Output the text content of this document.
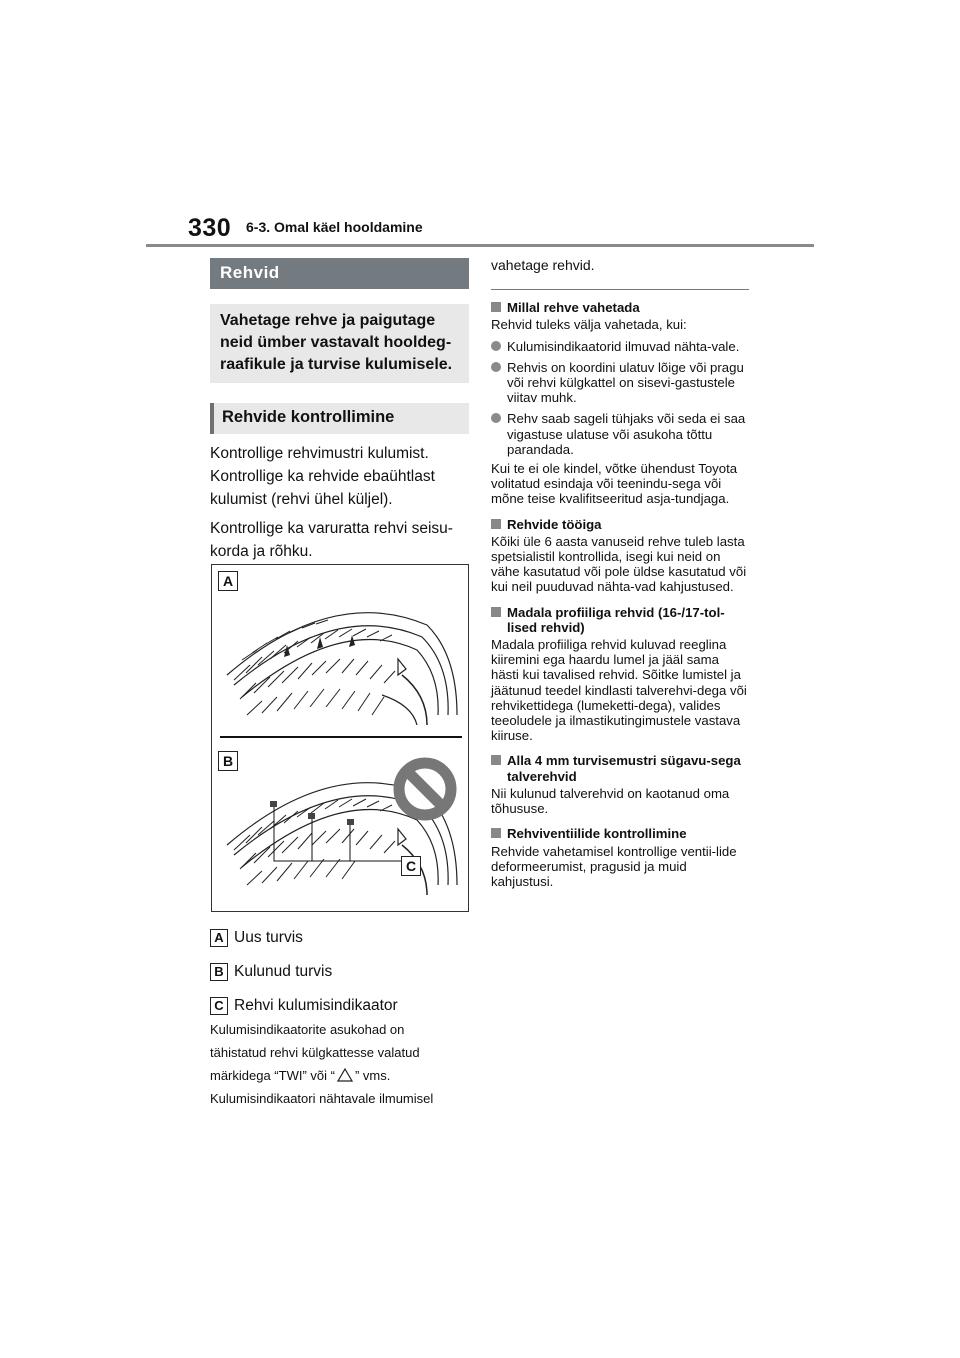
330 6-3. Omal käel hooldamine
Rehvid
Vahetage rehve ja paigutage neid ümber vastavalt hooldeg-raafikule ja turvise kulumisele.
Rehvide kontrollimine

Kontrollige rehvimustri kulumist. Kontrollige ka rehvide ebaühtlast kulumist (rehvi ühel küljel).

Kontrollige ka varuratta rehvi seisu-korda ja rõhku.

A
B
C
A Uus turvis
B Kulunud turvis
C Rehvi kulumisindikaator

Kulumisindikaatorite asukohad on

tähistatud rehvi külgkattesse valatud

märkidega “TWI” või “ ” vms.

Kulumisindikaatori nähtavale ilmumisel

vahetage rehvid.

Millal rehve vahetada

Rehvid tuleks välja vahetada, kui:

Kulumisindikaatorid ilmuvad nähta-vale.
Rehvis on koordini ulatuv lõige või pragu või rehvi külgkattel on sisevi-gastustele viitav muhk.
Rehv saab sageli tühjaks või seda ei saa vigastuse ulatuse või asukoha tõttu parandada.

Kui te ei ole kindel, võtke ühendust Toyota volitatud esindaja või teenindu-sega või mõne teise kvalifitseeritud asja-tundjaga.

Rehvide tööiga

Kõiki üle 6 aasta vanuseid rehve tuleb lasta spetsialistil kontrollida, isegi kui neid on vähe kasutatud või pole üldse kasutatud või kui neil puuduvad nähta-vad kahjustused.

Madala profiiliga rehvid (16-/17-tol-lised rehvid)

Madala profiiliga rehvid kuluvad reeglina kiiremini ega haardu lumel ja jääl sama hästi kui tavalised rehvid. Sõitke lumistel ja jäätunud teedel kindlasti talverehvi-dega või rehvikettidega (lumeketti-dega), valides teeoludele ja ilmastikutingimustele vastava kiiruse.

Alla 4 mm turvisemustri sügavu-sega talverehvid

Nii kulunud talverehvid on kaotanud oma tõhususe.

Rehviventiilide kontrollimine

Rehvide vahetamisel kontrollige ventii-lide deformeerumist, pragusid ja muid kahjustusi.
